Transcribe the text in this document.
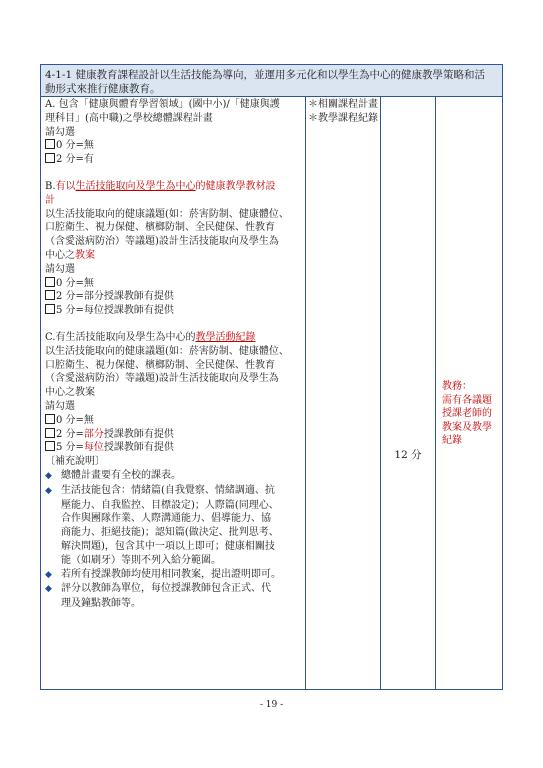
4-1-1 健康教育課程設計以生活技能為導向，並運用多元化和以學生為中心的健康教學策略和活
動形式來推行健康教育。
A. 包含「健康與體育學習領域」(國中小)/「健康與護
理科目」(高中職)之學校總體課程計畫
請勾選
0 分=無
2 分=有
B.有以生活技能取向及學生為中心的健康教學教材設
計
以生活技能取向的健康議題(如：菸害防制、健康體位、
口腔衛生、視力保健、檳榔防制、全民健保、性教育
（含愛滋病防治）等議題)設計生活技能取向及學生為
中心之教案
請勾選
0 分=無
2 分=部分授課教師有提供
5 分=每位授課教師有提供
C.有生活技能取向及學生為中心的教學活動紀錄
以生活技能取向的健康議題(如：菸害防制、健康體位、
口腔衛生、視力保健、檳榔防制、全民健保、性教育
（含愛滋病防治）等議題)設計生活技能取向及學生為
中心之教案
請勾選
0 分=無
2 分=部分授課教師有提供
5 分=每位授課教師有提供
〔補充說明〕
◆ 總體計畫要有全校的課表。
◆ 生活技能包含：情緒篇(自我覺察、情緒調適、抗
壓能力、自我監控、目標設定)；人際篇(同理心、
合作與團隊作業、人際溝通能力、倡導能力、協
商能力、拒絕技能)；認知篇(做決定、批判思考、
解決問題)，包含其中一項以上即可；健康相關技
能（如刷牙）等則不列入給分範圍。
◆ 若所有授課教師均使用相同教案，提出證明即可。
◆ 評分以教師為單位，每位授課教師包含正式、代
理及鐘點教師等。
＊相關課程計畫
＊教學課程紀錄
12 分
教務：
需有各議題
授課老師的
教案及教學
紀錄
- 19 -
